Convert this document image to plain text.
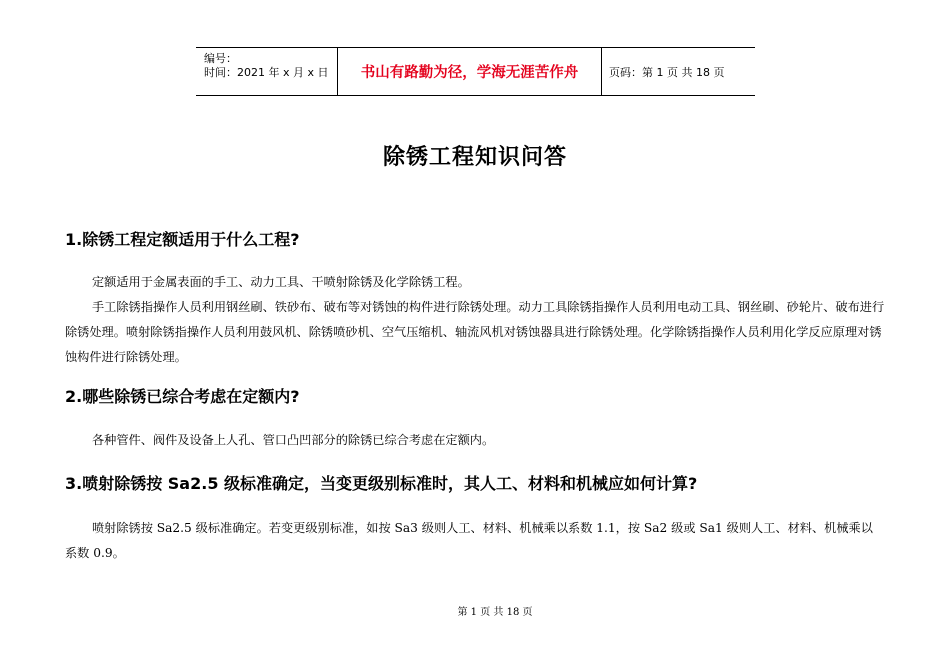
编号：
时间：2021 年 x 月 x 日	书山有路勤为径，学海无涯苦作舟	页码：第 1 页 共 18 页
除锈工程知识问答
1.除锈工程定额适用于什么工程?

定额适用于金属表面的手工、动力工具、干喷射除锈及化学除锈工程。

手工除锈指操作人员利用钢丝刷、铁砂布、破布等对锈蚀的构件进行除锈处理。动力工具除锈指操作人员利用电动工具、钢丝刷、砂轮片、破布进行除锈处理。喷射除锈指操作人员利用鼓风机、除锈喷砂机、空气压缩机、轴流风机对锈蚀器具进行除锈处理。化学除锈指操作人员利用化学反应原理对锈蚀构件进行除锈处理。

2.哪些除锈已综合考虑在定额内?

各种管件、阀件及设备上人孔、管口凸凹部分的除锈已综合考虑在定额内。

3.喷射除锈按 Sa2.5 级标准确定，当变更级别标准时，其人工、材料和机械应如何计算?

喷射除锈按 Sa2.5 级标准确定。若变更级别标准，如按 Sa3 级则人工、材料、机械乘以系数 1.1，按 Sa2 级或 Sa1 级则人工、材料、机械乘以系数 0.9。

第 1 页 共 18 页
